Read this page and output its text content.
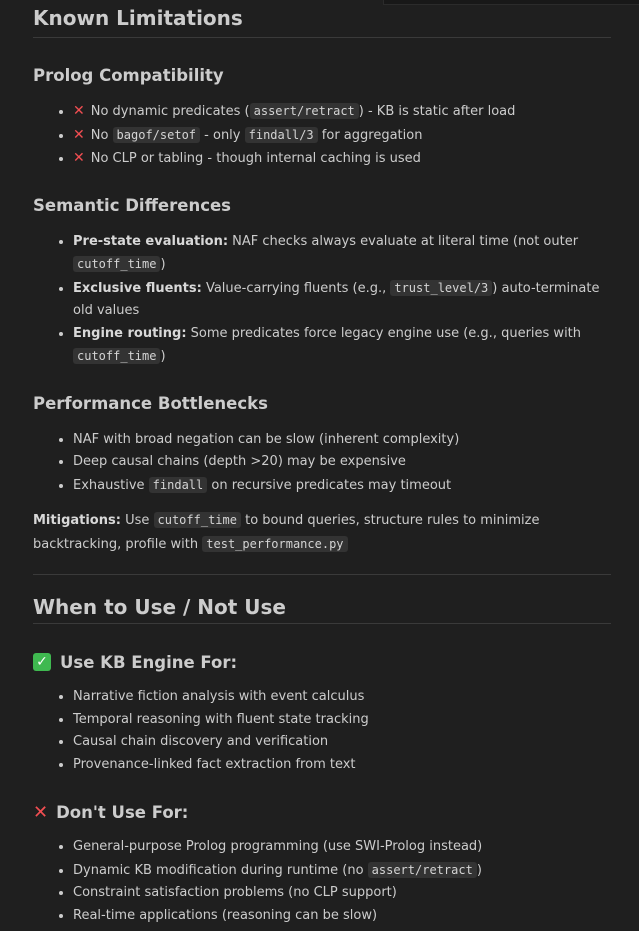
Known Limitations
Prolog Compatibility
• ✕ No dynamic predicates ( assert/retract ) - KB is static after load
• ✕ No bagof/setof - only findall/3 for aggregation
• ✕ No CLP or tabling - though internal caching is used
Semantic Differences
• Pre-state evaluation: NAF checks always evaluate at literal time (not outer cutoff_time )
• Exclusive fluents: Value-carrying fluents (e.g., trust_level/3 ) auto-terminate old values
• Engine routing: Some predicates force legacy engine use (e.g., queries with cutoff_time )
Performance Bottlenecks
• NAF with broad negation can be slow (inherent complexity)
• Deep causal chains (depth >20) may be expensive
• Exhaustive findall on recursive predicates may timeout

Mitigations: Use cutoff_time to bound queries, structure rules to minimize backtracking, profile with test_performance.py

When to Use / Not Use
✓ Use KB Engine For:
• Narrative fiction analysis with event calculus
• Temporal reasoning with fluent state tracking
• Causal chain discovery and verification
• Provenance-linked fact extraction from text
✕ Don't Use For:
• General-purpose Prolog programming (use SWI-Prolog instead)
• Dynamic KB modification during runtime (no assert/retract )
• Constraint satisfaction problems (no CLP support)
• Real-time applications (reasoning can be slow)
